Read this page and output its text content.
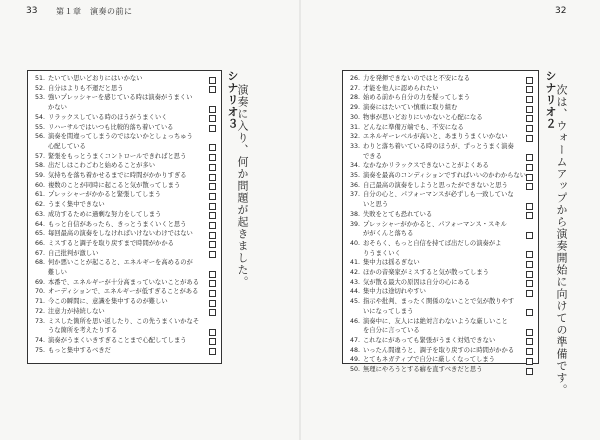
33 第１章　演奏の前に
51. たいてい思いどおりにはいかない
52. 自分はよりも不運だと思う
53. 強いプレッシャーを感じている時は演奏がうまくい
かない
54. リラックスしている時のほうがうまくいく
55. リハーサルではいつも比較的落ち着いている
56. 演奏を間違ってしまうのではないかとしょっちゅう
心配している
57. 緊張をもっとうまくコントロールできればと思う
58. 出だしはこわごわと始めることが多い
59. 気持ちを落ち着かせるまでに時間がかかりすぎる
60. 複数のことが同時に起こると気が散ってしまう
61. プレッシャーがかかると緊張してしまう
62. うまく集中できない
63. 成功するために過剰な努力をしてしまう
64. もっと自信があったら、きっとうまくいくと思う
65. 毎回最高の演奏をしなければいけないわけではない
66. ミスすると調子を取り戻すまで時間がかかる
67. 自己批判が激しい
68. 何か悪いことが起こると、エネルギーを高めるのが
難しい
69. 本番で、エネルギーが十分高まっていないことがある
70. オーディションで、エネルギーが低すぎることがある
71. 今この瞬間に、意識を集中するのが難しい
72. 注意力が持続しない
73. ミスした箇所を思い返したり、この先うまくいかなそ
うな箇所を考えたりする
74. 演奏がうまくいきすぎることまで心配してしまう
75. もっと集中するべきだ
シナリオ３
演奏に入り、何か問題が起きました。
32
26. 力を発揮できないのではと不安になる
27. 才能を他人に認められたい
28. 始める前から自分の力を疑ってしまう
29. 演奏にはたいてい慎重に取り組む
30. 物事が思いどおりにいかないと心配になる
31. どんなに準備万端でも、不安になる
32. エネルギーレベルが高いと、あまりうまくいかない
33. わりと落ち着いている時のほうが、ずっとうまく演奏
できる
34. なかなかリラックスできないことがよくある
35. 演奏を最高のコンディションですればいいのかわからない
36. 自己最高の演奏をしようと思ったができないと思う
37. 自分の心と、パフォーマンスが必ずしも一致していな
いと思う
38. 失敗をとても恐れている
39. プレッシャーがかかると、パフォーマンス・スキル
ががくんと落ちる
40. おそらく、もっと自信を持てば出だしの演奏がよ
りうまくいく
41. 集中力は揺るぎない
42. ほかの音楽家がミスすると気が散ってしまう
43. 気が散る最大の原因は自分の心にある
44. 集中力は途切れやすい
45. 指示や批判、まったく関係のないことで気が散りやす
いになってしまう
46. 演奏中に、友人には絶対言わないような厳しいこと
を自分に言っている
47. これなにがあっても緊張がうまく対処できない
48. いったん間違うと、調子を取り戻すのに時間がかかる
49. とてもネガティブで自分に厳しくなってしまう
50. 無理にやろうとする癖を直すべきだと思う
シナリオ２
次は、ウォームアップから演奏開始に向けての準備です。
